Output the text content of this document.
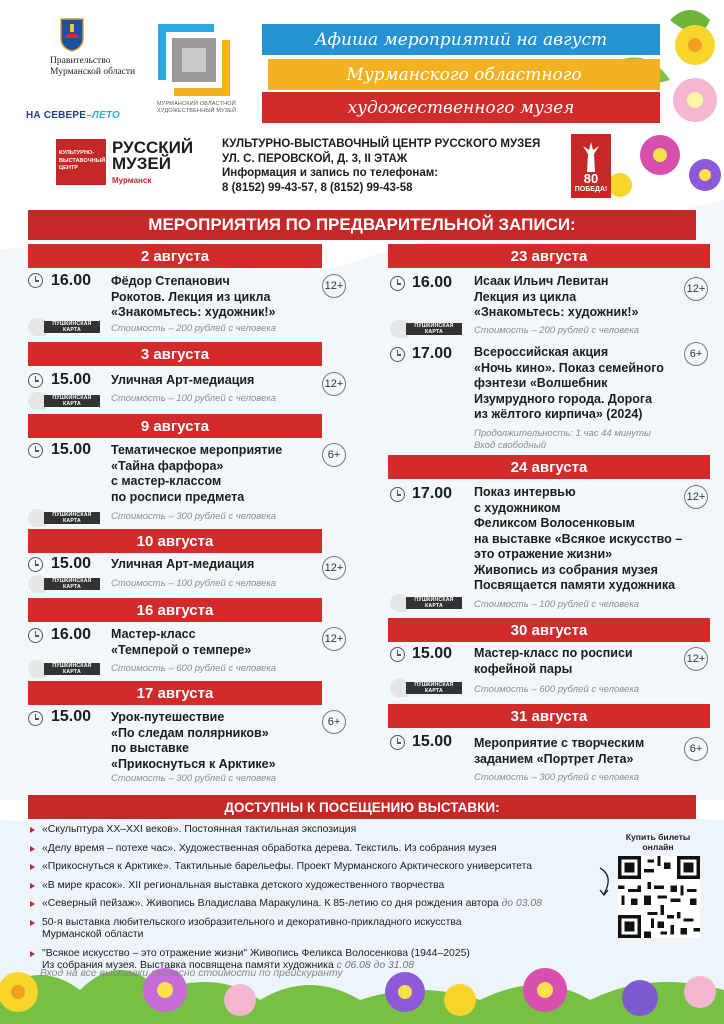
Правительство
Мурманской области
НА СЕВЕРЕ–ЛЕТО
МУРМАНСКИЙ ОБЛАСТНОЙ
ХУДОЖЕСТВЕННЫЙ МУЗЕЙ
Афиша мероприятий на август
Мурманского областного
художественного музея
КУЛЬТУРНО-
ВЫСТАВОЧНЫЙ
ЦЕНТР
РУССКИЙ
МУЗЕЙ
Мурманск
КУЛЬТУРНО-ВЫСТАВОЧНЫЙ ЦЕНТР РУССКОГО МУЗЕЯ
УЛ. С. ПЕРОВСКОЙ, Д. 3, II ЭТАЖ
Информация и запись по телефонам:
8 (8152) 99-43-57, 8 (8152) 99-43-58
80
ПОБЕДА!
МЕРОПРИЯТИЯ ПО ПРЕДВАРИТЕЛЬНОЙ ЗАПИСИ:
2 августа
16.00 Фёдор Степанович
Рокотов. Лекция из цикла
«Знакомьтесь: художник!»
12+
ПУШКИНСКАЯ
КАРТА	Стоимость – 200 рублей с человека
3 августа
15.00 Уличная Арт-медиация	12+
ПУШКИНСКАЯ
КАРТА	Стоимость – 100 рублей с человека
9 августа
15.00 Тематическое мероприятие
«Тайна фарфора»
с мастер-классом
по росписи предмета
6+
ПУШКИНСКАЯ
КАРТА	Стоимость – 300 рублей с человека
10 августа
15.00 Уличная Арт-медиация	12+
ПУШКИНСКАЯ
КАРТА	Стоимость – 100 рублей с человека
16 августа
16.00 Мастер-класс
«Темперой о темпере»
12+
ПУШКИНСКАЯ
КАРТА	Стоимость – 600 рублей с человека
17 августа
15.00 Урок-путешествие
«По следам полярников»
по выставке
«Прикоснуться к Арктике»
6+
Стоимость – 300 рублей с человека
23 августа
16.00 Исаак Ильич Левитан
Лекция из цикла
«Знакомьтесь: художник!»
12+
ПУШКИНСКАЯ
КАРТА	Стоимость – 200 рублей с человека
17.00 Всероссийская акция
«Ночь кино». Показ семейного
фэнтези «Волшебник
Изумрудного города. Дорога
из жёлтого кирпича» (2024)
6+
Продолжительность: 1 час 44 минуты
Вход свободный
24 августа
17.00 Показ интервью
с художником
Феликсом Волосенковым
на выставке «Всякое искусство –
это отражение жизни»
Живопись из собрания музея
Посвящается памяти художника
12+
ПУШКИНСКАЯ
КАРТА	Стоимость – 100 рублей с человека
30 августа
15.00 Мастер-класс по росписи
кофейной пары
12+
ПУШКИНСКАЯ
КАРТА	Стоимость – 600 рублей с человека
31 августа
15.00 Мероприятие с творческим
заданием «Портрет Лета»
6+
Стоимость – 300 рублей с человека
ДОСТУПНЫ К ПОСЕЩЕНИЮ ВЫСТАВКИ:
«Скульптура XX–XXI веков». Постоянная тактильная экспозиция
«Делу время – потехе час». Художественная обработка дерева. Текстиль. Из собрания музея
«Прикоснуться к Арктике». Тактильные барельефы. Проект Мурманского Арктического университета
«В мире красок». XII региональная выставка детского художественного творчества
«Северный пейзаж». Живопись Владислава Маракулина. К 85-летию со дня рождения автора до 03.08
50-я выставка любительского изобразительного и декоративно-прикладного искусства
Мурманской области
"Всякое искусство – это отражение жизни" Живопись Феликса Волосенкова (1944–2025)
Из собрания музея. Выставка посвящена памяти художника с 06.08 до 31.08
Вход на все выставки согласно стоимости по прейскуранту
Купить билеты
онлайн
